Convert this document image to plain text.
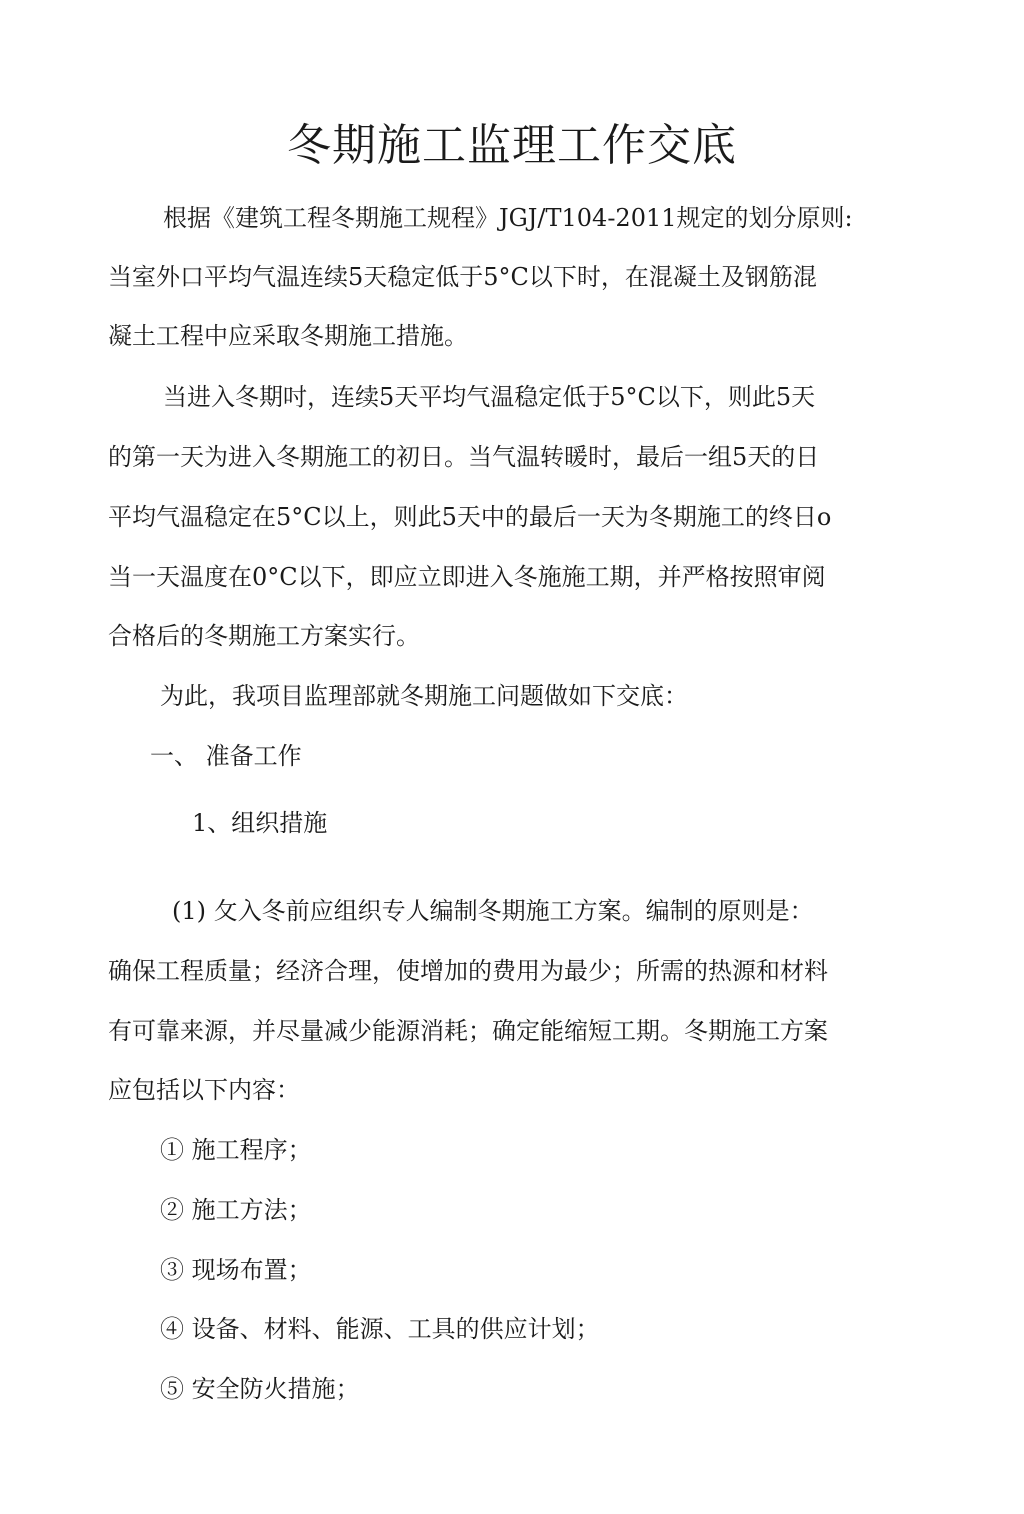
冬期施工监理工作交底

根据《建筑工程冬期施工规程》JGJ/T104-2011规定的划分原则:

当室外口平均气温连续5天稳定低于5°C以下时，在混凝土及钢筋混

凝土工程中应采取冬期施工措施。

当进入冬期吋，连续5天平均气温稳定低于5°C以下，则此5天

的第一天为进入冬期施工的初日。当气温转暖时，最后一组5天的日

平均气温稳定在5°C以上，则此5天中的最后一天为冬期施工的终日o

当一天温度在0°C以下，即应立即进入冬施施工期，并严格按照审阅

合格后的冬期施工方案实行。

为此，我项目监理部就冬期施工问题做如下交底：

一、 准备工作

1、组织措施

(1) 攵入冬前应组织专人编制冬期施工方案。编制的原则是：

确保工程质量；经济合理，使增加的费用为最少；所需的热源和材料

有可靠来源，并尽量减少能源消耗；确定能缩短工期。冬期施工方案

应包括以下内容：

① 施工程序；

② 施工方法；

③ 现场布置；

④ 设备、材料、能源、工具的供应计划；

⑤ 安全防火措施；
